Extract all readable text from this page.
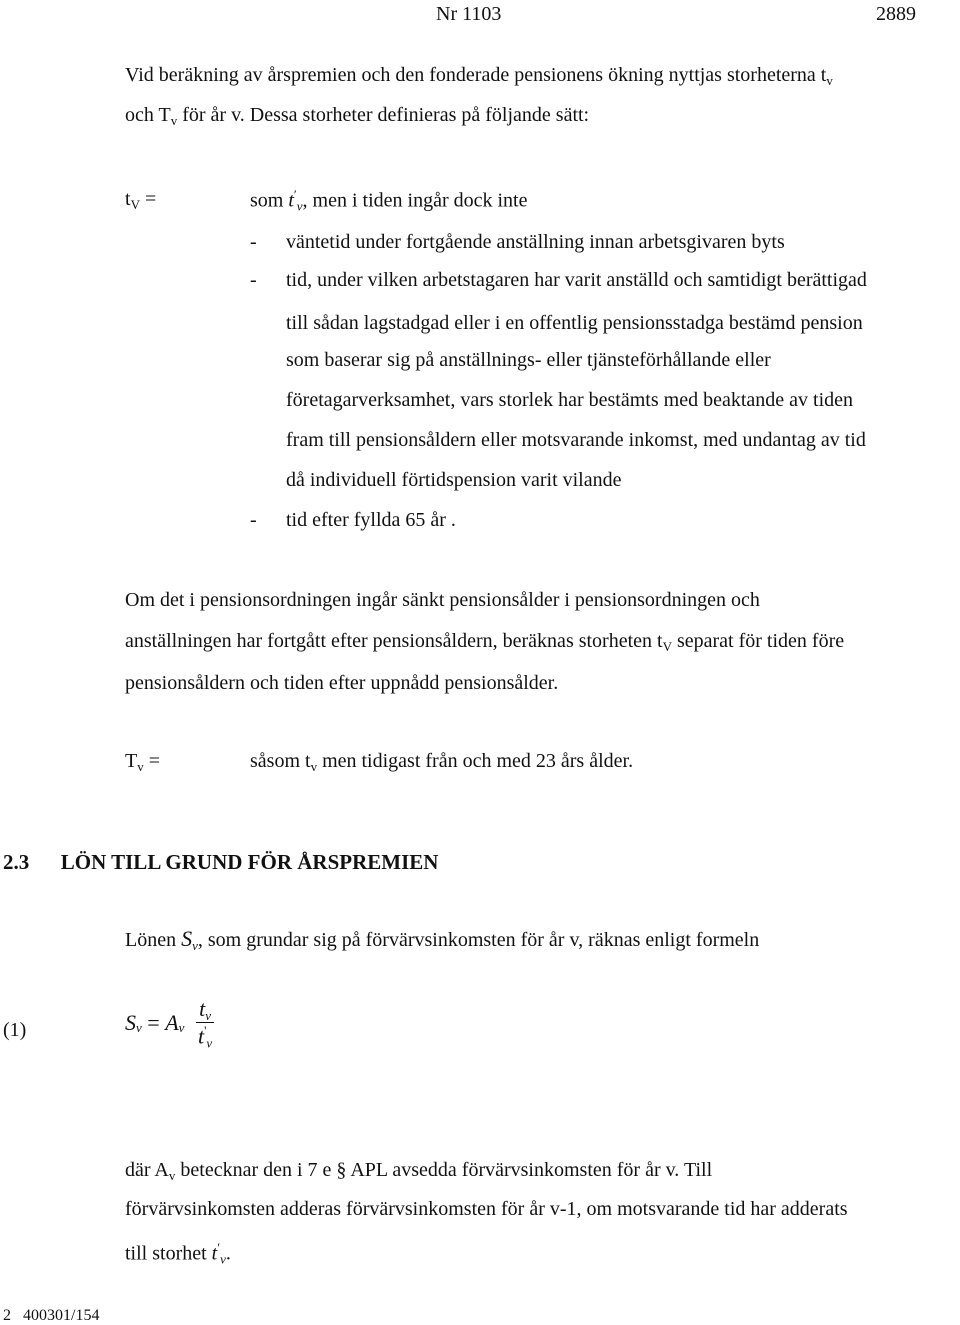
Nr 1103	2889
Vid beräkning av årspremien och den fonderade pensionens ökning nyttjas storheterna $t_v$
och $T_v$ för år v. Dessa storheter definieras på följande sätt:
$t_V$ =	som $t'_v$, men i tiden ingår dock inte
- väntetid under fortgående anställning innan arbetsgivaren byts
- tid, under vilken arbetstagaren har varit anställd och samtidigt berättigad
till sådan lagstadgad eller i en offentlig pensionsstadga bestämd pension
som baserar sig på anställnings- eller tjänsteförhållande eller
företagarverksamhet, vars storlek har bestämts med beaktande av tiden
fram till pensionsåldern eller motsvarande inkomst, med undantag av tid
då individuell förtidspension varit vilande
- tid efter fyllda 65 år .
Om det i pensionsordningen ingår sänkt pensionsålder i pensionsordningen och
anställningen har fortgått efter pensionsåldern, beräknas storheten $t_V$ separat för tiden före
pensionsåldern och tiden efter uppnådd pensionsålder.
$T_v$ =	såsom $t_v$ men tidigast från och med 23 års ålder.
2.3      LÖN TILL GRUND FÖR ÅRSPREMIEN
Lönen $S_v$, som grundar sig på förvärvsinkomsten för år v, räknas enligt formeln
(1)	$S_v = A_v \frac{t_v}{t'_v}$
där $A_v$ betecknar den i 7 e § APL avsedda förvärvsinkomsten för år v. Till
förvärvsinkomsten adderas förvärvsinkomsten för år v-1, om motsvarande tid har adderats
till storhet $t'_v$.
2   400301/154
